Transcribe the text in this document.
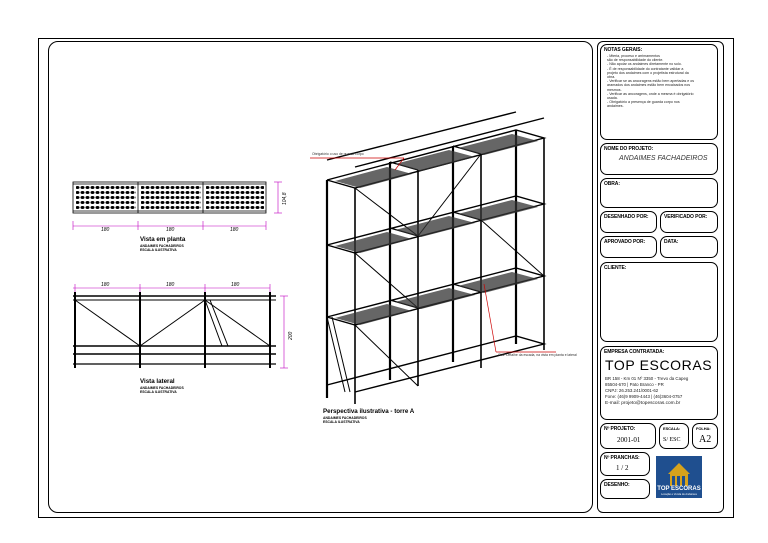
180	180	180
104,8
Vista em planta
ANDAIMES FACHADEIROS
ESCALA ILUSTRATIVA
180	180	180
200
Vista lateral
ANDAIMES FACHADEIROS
ESCALA ILUSTRATIVA
Obrigatório o uso de guarda corpo
Obs: Detalhe da escada, na vista em planta e lateral
Perspectiva ilustrativa - torre A
ANDAIMES FACHADEIROS
ESCALA ILUSTRATIVA
NOTAS GERAIS:
- Mteria, proceso e arrimamentos
são de responsabilidade do cliente.
- Não apoiar os andaimes diretamente no solo.
- É de responsabilidade do contratante validar a
projeto dos andaimes com o projetista estrutural da
obra.
- Verificar se as ancoragens estão bem apertadas e os
aramados dos andaimes estão bem encaixados nos
mesmos.
- Verificar as ancoragens, onde a mesma é obrigatório
usada.
- Obrigatório a presença de guarda corpo nos
andaimes.
NOME DO PROJETO:
ANDAIMES FACHADEIROS
OBRA:
DESENHADO POR:	VERIFICADO POR:
APROVADO POR:	DATA:
CLIENTE:
EMPRESA CONTRATADA:
TOP ESCORAS
BR 158 - Km 01 Nº 3350 - Trevo da Capeg
85504-670 | Pato Branco - PR
CNPJ: 26.253.241/0001-62
Fone: (46)9 9909-4443 | (46)3604-0757
E-mail: projeto@topescoras.com.br
Nº PROJETO:
2001-01
ESCALA:
S/ ESC
FOLHA:
A2
Nº PRANCHAS:
1 / 2
DESENHO:
TOP ESCORAS
Locação e Venda de Andaimes
